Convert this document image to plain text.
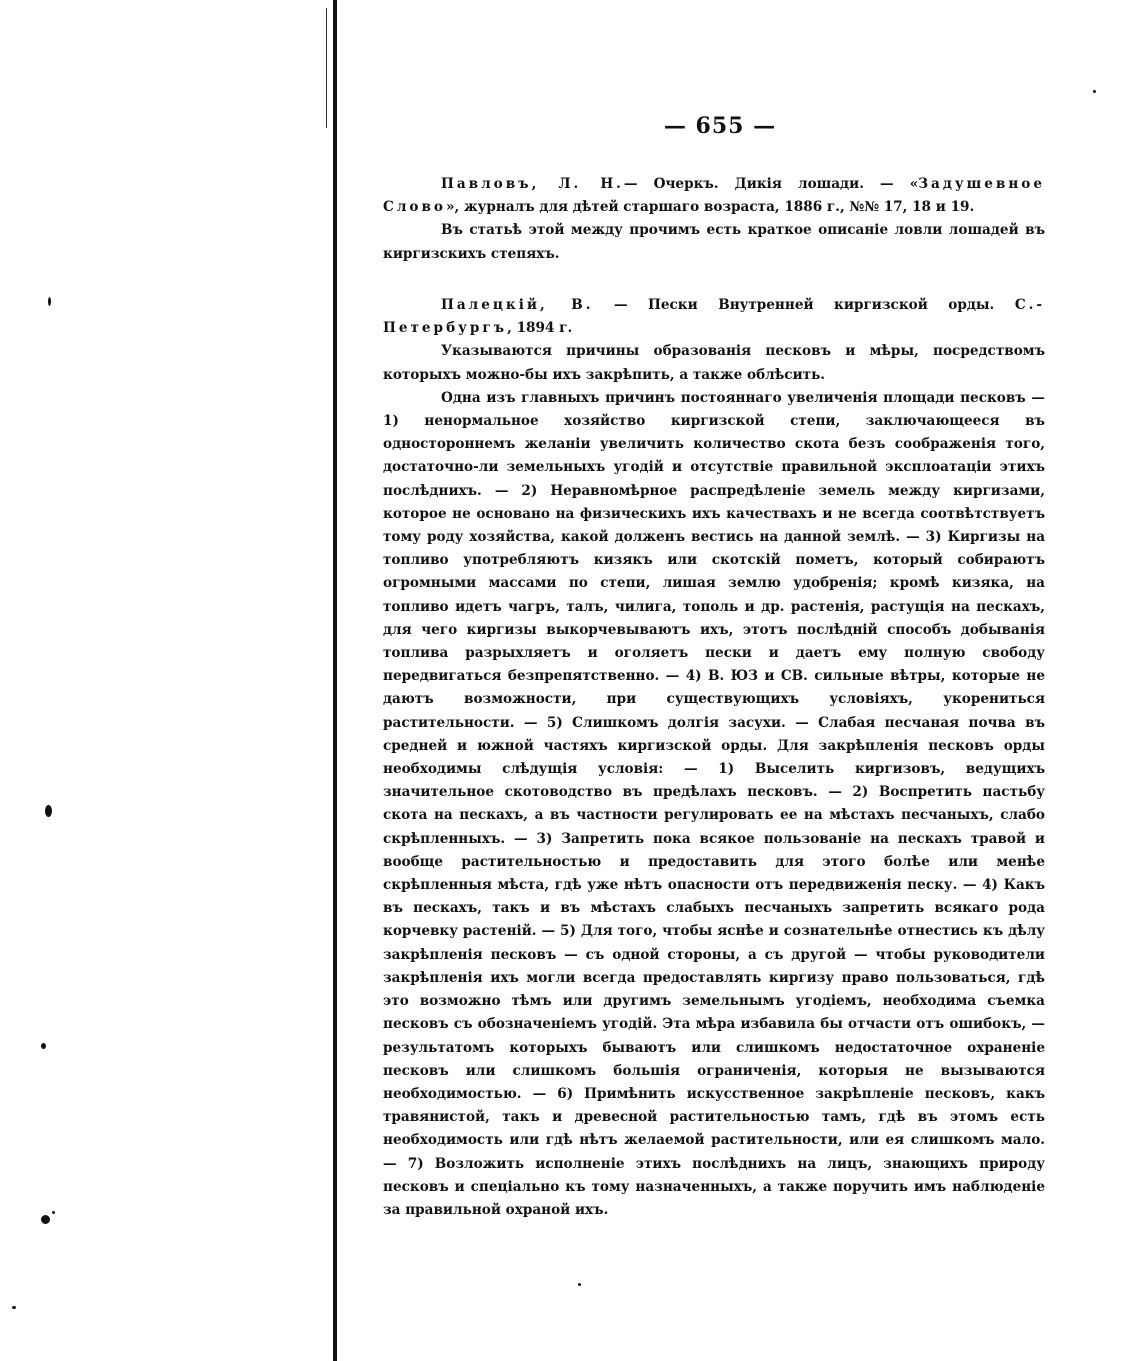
— 655 —

Павловъ, Л. Н.— Очеркъ. Дикія лошади. — «Задушевное Слово», журналъ для дѣтей старшаго возраста, 1886 г., №№ 17, 18 и 19.

Въ статьѣ этой между прочимъ есть краткое описаніе ловли лошадей въ киргизскихъ степяхъ.

Палецкій, В. — Пески Внутренней киргизской орды. С.-Петербургъ, 1894 г.

Указываются причины образованія песковъ и мѣры, посредствомъ которыхъ можно-бы ихъ закрѣпить, а также облѣсить.

Одна изъ главныхъ причинъ постояннаго увеличенія площади песковъ — 1) ненормальное хозяйство киргизской степи, заключающееся въ одностороннемъ желаніи увеличить количество скота безъ соображенія того, достаточно-ли земельныхъ угодій и отсутствіе правильной эксплоатаціи этихъ послѣднихъ. — 2) Неравномѣрное распредѣленіе земель между киргизами, которое не основано на физическихъ ихъ качествахъ и не всегда соотвѣтствуетъ тому роду хозяйства, какой долженъ вестись на данной землѣ. — 3) Киргизы на топливо употребляютъ кизякъ или скотскій пометъ, который собираютъ огромными массами по степи, лишая землю удобренія; кромѣ кизяка, на топливо идетъ чагръ, талъ, чилига, тополь и др. растенія, растущія на пескахъ, для чего киргизы выкорчевываютъ ихъ, этотъ послѣдній способъ добыванія топлива разрыхляетъ и оголяетъ пески и даетъ ему полную свободу передвигаться безпрепятственно. — 4) В. ЮЗ и СВ. сильные вѣтры, которые не даютъ возможности, при существующихъ условіяхъ, укорениться растительности. — 5) Слишкомъ долгія засухи. — Слабая песчаная почва въ средней и южной частяхъ киргизской орды. Для закрѣпленія песковъ орды необходимы слѣдущія условія: — 1) Выселить киргизовъ, ведущихъ значительное скотоводство въ предѣлахъ песковъ. — 2) Воспретить пастьбу скота на пескахъ, а въ частности регулировать ее на мѣстахъ песчаныхъ, слабо скрѣпленныхъ. — 3) Запретить пока всякое пользованіе на пескахъ травой и вообще растительностью и предоставить для этого болѣе или менѣе скрѣпленныя мѣста, гдѣ уже нѣтъ опасности отъ передвиженія песку. — 4) Какъ въ пескахъ, такъ и въ мѣстахъ слабыхъ песчаныхъ запретить всякаго рода корчевку растеній. — 5) Для того, чтобы яснѣе и сознательнѣе отнестись къ дѣлу закрѣпленія песковъ — съ одной стороны, а съ другой — чтобы руководители закрѣпленія ихъ могли всегда предоставлять киргизу право пользоваться, гдѣ это возможно тѣмъ или другимъ земельнымъ угодіемъ, необходима съемка песковъ съ обозначеніемъ угодій. Эта мѣра избавила бы отчасти отъ ошибокъ, — результатомъ которыхъ бываютъ или слишкомъ недостаточное охраненіе песковъ или слишкомъ большія ограниченія, которыя не вызываются необходимостью. — 6) Примѣнить искусственное закрѣпленіе песковъ, какъ травянистой, такъ и древесной растительностью тамъ, гдѣ въ этомъ есть необходимость или гдѣ нѣтъ желаемой растительности, или ея слишкомъ мало. — 7) Возложить исполненіе этихъ послѣднихъ на лицъ, знающихъ природу песковъ и спеціально къ тому назначенныхъ, а также поручить имъ наблюденіе за правильной охраной ихъ.
